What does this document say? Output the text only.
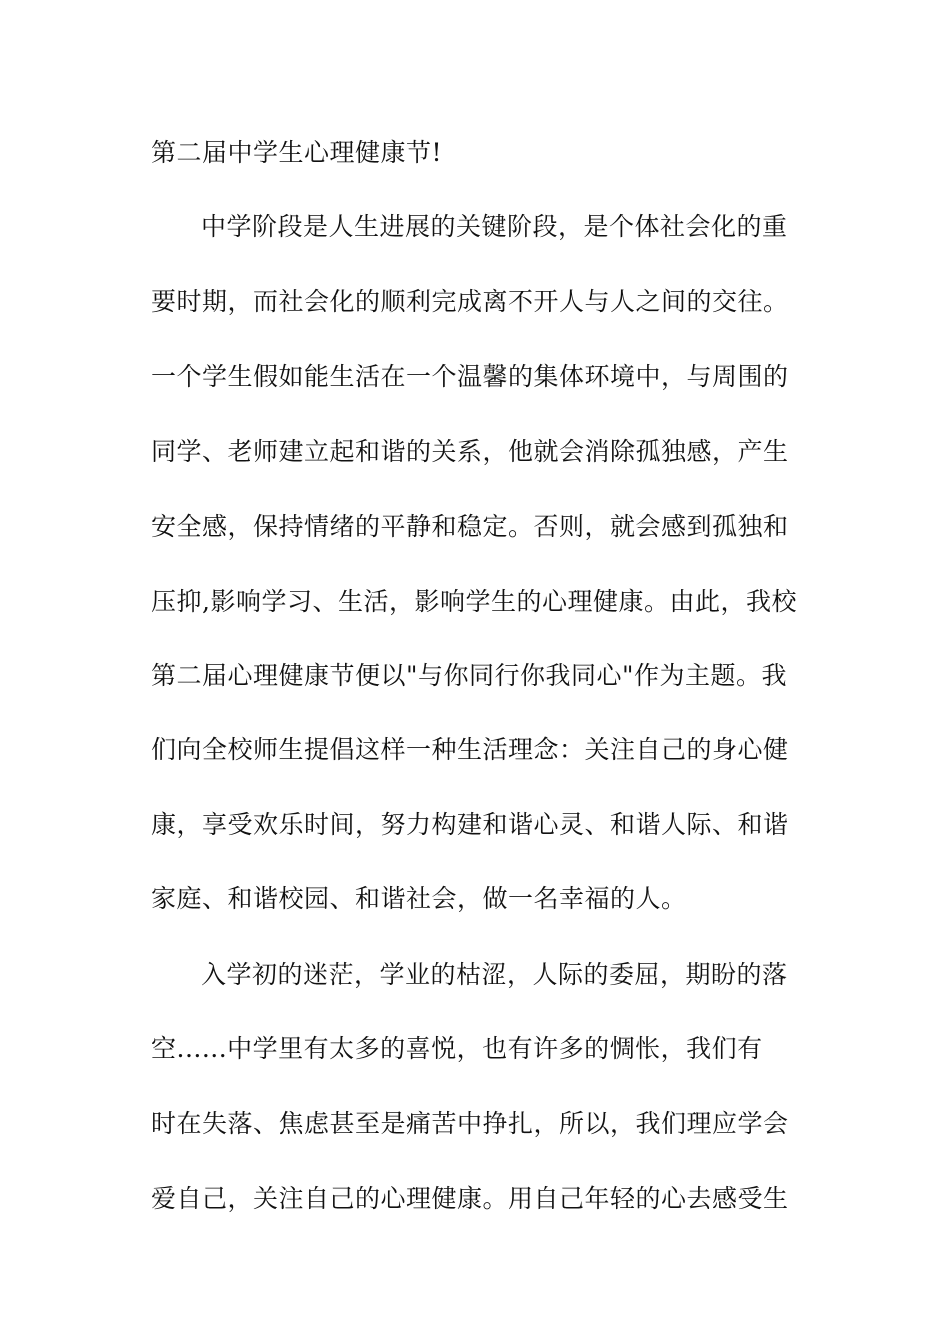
第二届中学生心理健康节!
中学阶段是人生进展的关键阶段，是个体社会化的重
要时期，而社会化的顺利完成离不开人与人之间的交往。
一个学生假如能生活在一个温馨的集体环境中，与周围的
同学、老师建立起和谐的关系，他就会消除孤独感，产生
安全感，保持情绪的平静和稳定。否则，就会感到孤独和
压抑,影响学习、生活，影响学生的心理健康。由此，我校
第二届心理健康节便以"与你同行你我同心"作为主题。我
们向全校师生提倡这样一种生活理念：关注自己的身心健
康，享受欢乐时间，努力构建和谐心灵、和谐人际、和谐
家庭、和谐校园、和谐社会，做一名幸福的人。
入学初的迷茫，学业的枯涩，人际的委屈，期盼的落
空......中学里有太多的喜悦，也有许多的惆怅，我们有
时在失落、焦虑甚至是痛苦中挣扎，所以，我们理应学会
爱自己，关注自己的心理健康。用自己年轻的心去感受生
